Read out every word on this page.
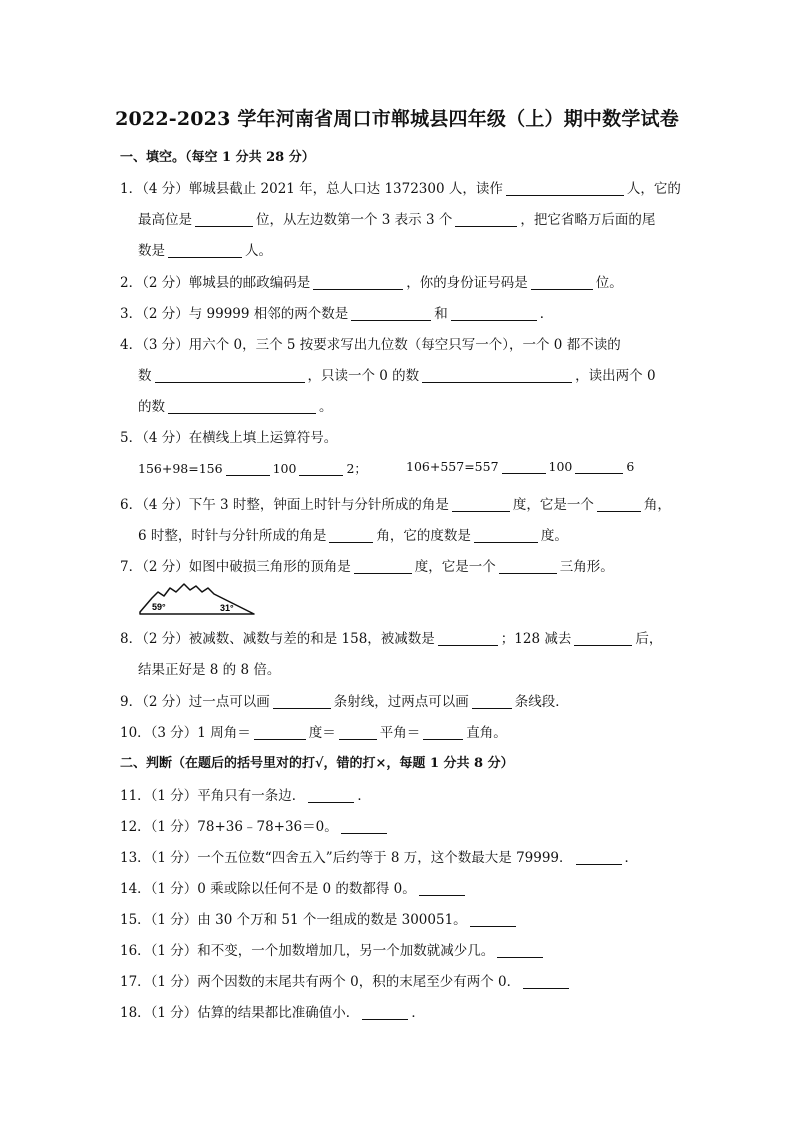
2022-2023 学年河南省周口市郸城县四年级（上）期中数学试卷
一、填空。（每空 1 分共 28 分）
1．（4 分）郸城县截止 2021 年，总人口达 1372300 人，读作	人，它的
最高位是	位，从左边数第一个 3 表示 3 个	，把它省略万后面的尾
数是	人。
2．（2 分）郸城县的邮政编码是	，你的身份证号码是	位。
3．（2 分）与 99999 相邻的两个数是	和	．
4．（3 分）用六个 0，三个 5 按要求写出九位数（每空只写一个），一个 0 都不读的
数	，只读一个 0 的数	，读出两个 0
的数	。
5．（4 分）在横线上填上运算符号。
156+98=156	100	2；	106+557=557	100	6
6．（4 分）下午 3 时整，钟面上时针与分针所成的角是	度，它是一个	角，
6 时整，时针与分针所成的角是	角，它的度数是	度。
7．（2 分）如图中破损三角形的顶角是	度，它是一个	三角形。
59°	31°
8．（2 分）被减数、减数与差的和是 158，被减数是	；128 减去	后，
结果正好是 8 的 8 倍。
9．（2 分）过一点可以画	条射线，过两点可以画	条线段．
10．（3 分）1 周角＝	度＝	平角＝	直角。
二、判断（在题后的括号里对的打√，错的打×，每题 1 分共 8 分）
11．（1 分）平角只有一条边．	．
12．（1 分）78+36﹣78+36＝0。
13．（1 分）一个五位数“四舍五入”后约等于 8 万，这个数最大是 79999．	．
14．（1 分）0 乘或除以任何不是 0 的数都得 0。
15．（1 分）由 30 个万和 51 个一组成的数是 300051。
16．（1 分）和不变，一个加数增加几，另一个加数就减少几。
17．（1 分）两个因数的末尾共有两个 0，积的末尾至少有两个 0．
18．（1 分）估算的结果都比准确值小．	．
